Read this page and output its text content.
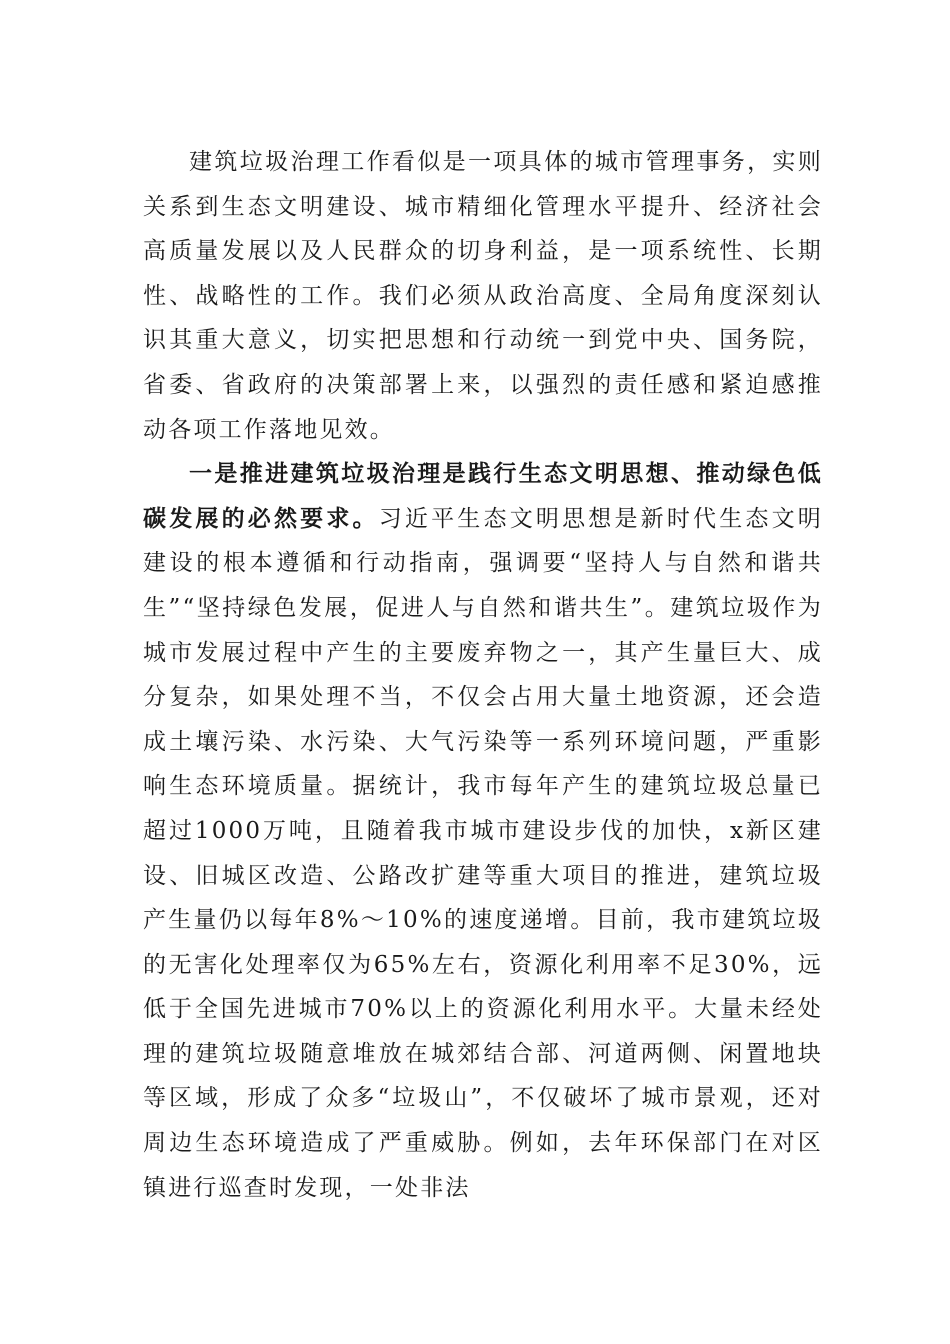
建筑垃圾治理工作看似是一项具体的城市管理事务，实则关系到生态文明建设、城市精细化管理水平提升、经济社会高质量发展以及人民群众的切身利益，是一项系统性、长期性、战略性的工作。我们必须从政治高度、全局角度深刻认识其重大意义，切实把思想和行动统一到党中央、国务院，省委、省政府的决策部署上来，以强烈的责任感和紧迫感推动各项工作落地见效。

一是推进建筑垃圾治理是践行生态文明思想、推动绿色低碳发展的必然要求。习近平生态文明思想是新时代生态文明建设的根本遵循和行动指南，强调要“坚持人与自然和谐共生”“坚持绿色发展，促进人与自然和谐共生”。建筑垃圾作为城市发展过程中产生的主要废弃物之一，其产生量巨大、成分复杂，如果处理不当，不仅会占用大量土地资源，还会造成土壤污染、水污染、大气污染等一系列环境问题，严重影响生态环境质量。据统计，我市每年产生的建筑垃圾总量已超过1000万吨，且随着我市城市建设步伐的加快，x新区建设、旧城区改造、公路改扩建等重大项目的推进，建筑垃圾产生量仍以每年8%～10%的速度递增。目前，我市建筑垃圾的无害化处理率仅为65%左右，资源化利用率不足30%，远低于全国先进城市70%以上的资源化利用水平。大量未经处理的建筑垃圾随意堆放在城郊结合部、河道两侧、闲置地块等区域，形成了众多“垃圾山”，不仅破坏了城市景观，还对周边生态环境造成了严重威胁。例如，去年环保部门在对区镇进行巡查时发现，一处非法
